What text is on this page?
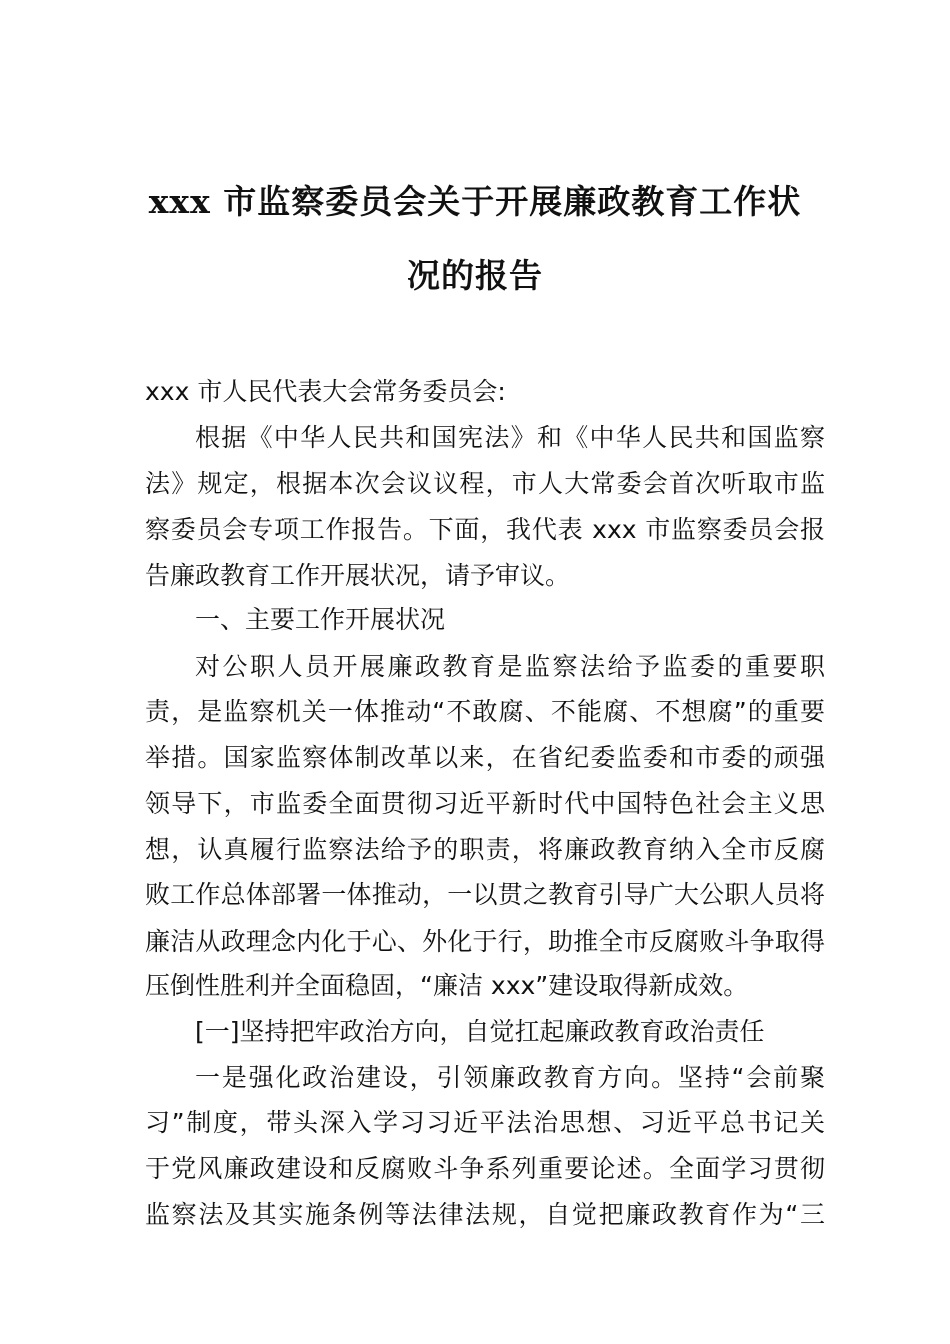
xxx 市监察委员会关于开展廉政教育工作状
况的报告
xxx 市人民代表大会常务委员会:
根据《中华人民共和国宪法》和《中华人民共和国监察
法》规定，根据本次会议议程，市人大常委会首次听取市监
察委员会专项工作报告。下面，我代表 xxx 市监察委员会报
告廉政教育工作开展状况，请予审议。
一、主要工作开展状况
对公职人员开展廉政教育是监察法给予监委的重要职
责，是监察机关一体推动“不敢腐、不能腐、不想腐”的重要
举措。国家监察体制改革以来，在省纪委监委和市委的顽强
领导下，市监委全面贯彻习近平新时代中国特色社会主义思
想，认真履行监察法给予的职责，将廉政教育纳入全市反腐
败工作总体部署一体推动，一以贯之教育引导广大公职人员将
廉洁从政理念内化于心、外化于行，助推全市反腐败斗争取得
压倒性胜利并全面稳固，“廉洁 xxx”建设取得新成效。
[一]坚持把牢政治方向，自觉扛起廉政教育政治责任
一是强化政治建设，引领廉政教育方向。坚持“会前聚
习”制度，带头深入学习习近平法治思想、习近平总书记关
于党风廉政建设和反腐败斗争系列重要论述。全面学习贯彻
监察法及其实施条例等法律法规，自觉把廉政教育作为“三
